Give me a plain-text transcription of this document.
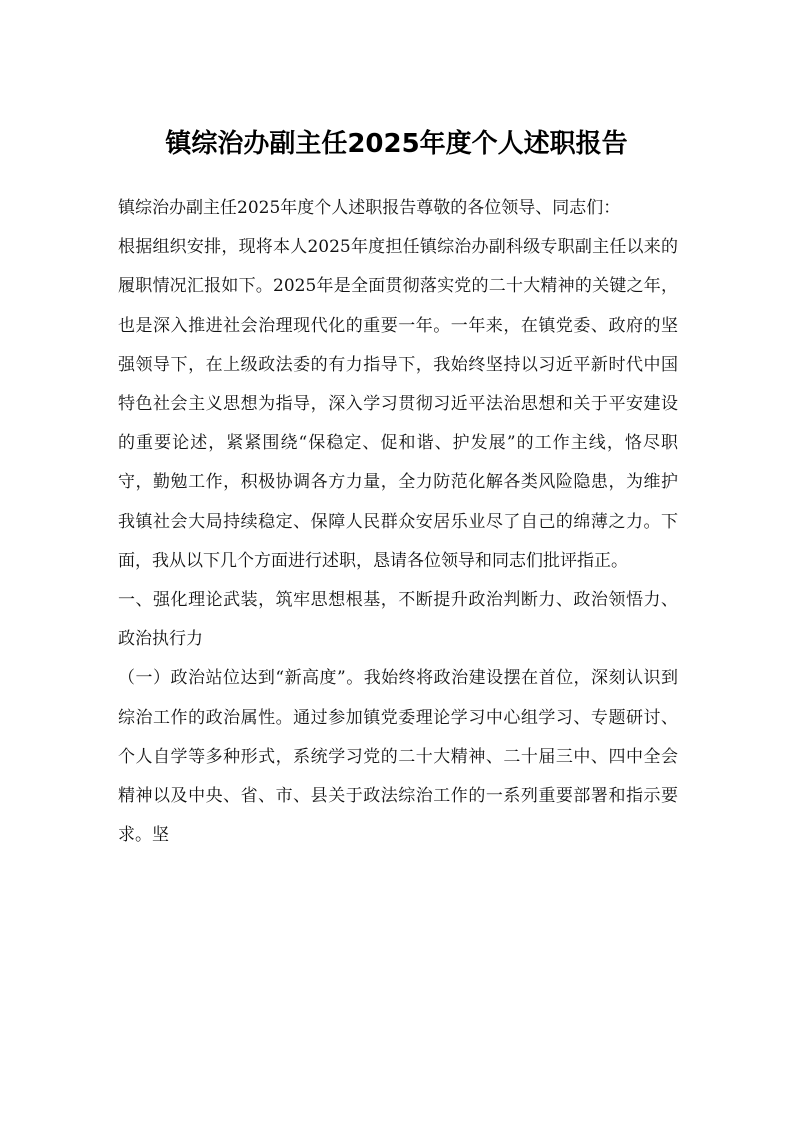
镇综治办副主任2025年度个人述职报告

镇综治办副主任2025年度个人述职报告尊敬的各位领导、同志们：

根据组织安排，现将本人2025年度担任镇综治办副科级专职副主任以来的履职情况汇报如下。2025年是全面贯彻落实党的二十大精神的关键之年，也是深入推进社会治理现代化的重要一年。一年来，在镇党委、政府的坚强领导下，在上级政法委的有力指导下，我始终坚持以习近平新时代中国特色社会主义思想为指导，深入学习贯彻习近平法治思想和关于平安建设的重要论述，紧紧围绕“保稳定、促和谐、护发展”的工作主线，恪尽职守，勤勉工作，积极协调各方力量，全力防范化解各类风险隐患，为维护我镇社会大局持续稳定、保障人民群众安居乐业尽了自己的绵薄之力。下面，我从以下几个方面进行述职，恳请各位领导和同志们批评指正。

一、强化理论武装，筑牢思想根基，不断提升政治判断力、政治领悟力、政治执行力

（一）政治站位达到“新高度”。我始终将政治建设摆在首位，深刻认识到综治工作的政治属性。通过参加镇党委理论学习中心组学习、专题研讨、个人自学等多种形式，系统学习党的二十大精神、二十届三中、四中全会精神以及中央、省、市、县关于政法综治工作的一系列重要部署和指示要求。坚
